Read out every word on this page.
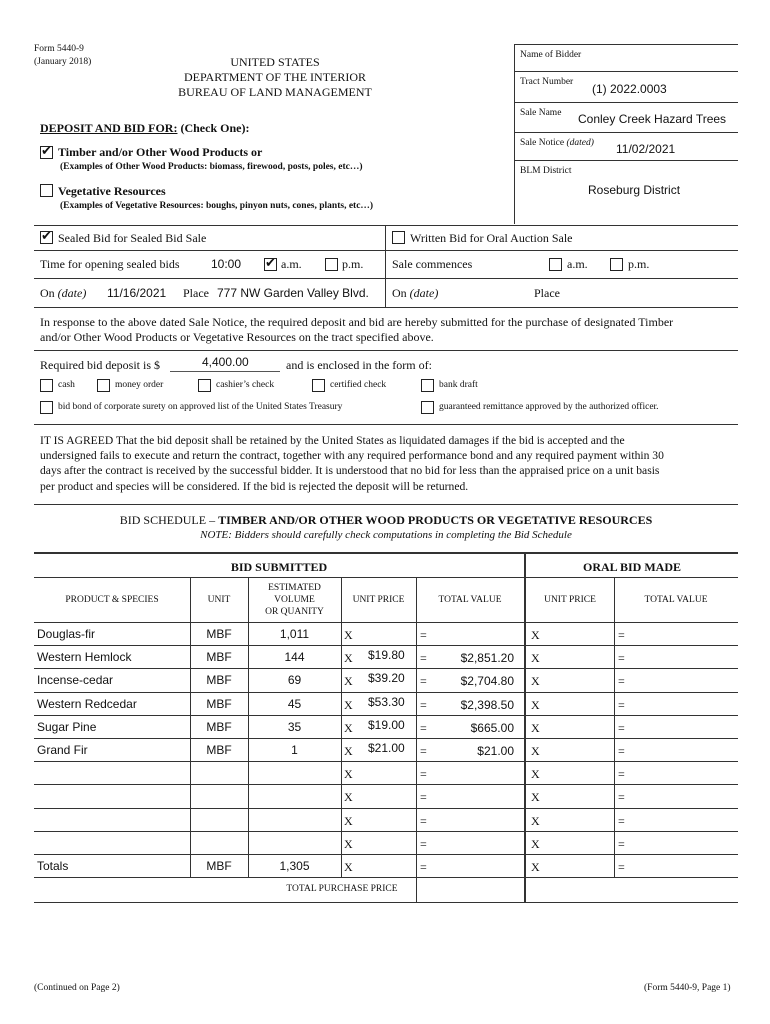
Form 5440-9
(January 2018)	UNITED STATES
DEPARTMENT OF THE INTERIOR
BUREAU OF LAND MANAGEMENT
Name of Bidder
Tract Number (1) 2022.0003
Sale Name Conley Creek Hazard Trees
Sale Notice (dated) 11/02/2021
BLM District
Roseburg District
DEPOSIT AND BID FOR: (Check One):
✔
Timber and/or Other Wood Products or
(Examples of Other Wood Products: biomass, firewood, posts, poles, etc…)
Vegetative Resources
(Examples of Vegetative Resources: boughs, pinyon nuts, cones, plants, etc…)
✔
Sealed Bid for Sealed Bid Sale	Written Bid for Oral Auction Sale
Time for opening sealed bids	10:00
✔	a.m.	p.m. Sale commences	a.m.	p.m.
On (date) 11/16/2021 Place 777 NW Garden Valley Blvd. On (date)	Place
In response to the above dated Sale Notice, the required deposit and bid are hereby submitted for the purchase of designated Timber
and/or Other Wood Products or Vegetative Resources on the tract specified above.
Required bid deposit is $	4,400.00	and is enclosed in the form of:
cash	money order	cashier’s check	certified check	bank draft
bid bond of corporate surety on approved list of the United States Treasury	guaranteed remittance approved by the authorized officer.
IT IS AGREED That the bid deposit shall be retained by the United States as liquidated damages if the bid is accepted and the
undersigned fails to execute and return the contract, together with any required performance bond and any required payment within 30
days after the contract is received by the successful bidder. It is understood that no bid for less than the appraised price on a unit basis
per product and species will be considered. If the bid is rejected the deposit will be returned.
BID SCHEDULE – TIMBER AND/OR OTHER WOOD PRODUCTS OR VEGETATIVE RESOURCES
NOTE: Bidders should carefully check computations in completing the Bid Schedule
BID SUBMITTED	ORAL BID MADE
PRODUCT & SPECIES	UNIT
ESTIMATED
VOLUME
OR QUANITY
UNIT PRICE	TOTAL VALUE	UNIT PRICE	TOTAL VALUE
Douglas-fir	MBF	1,011	X	=	X	=
Western Hemlock	MBF	144	X $19.80 =	$2,851.20 X	=
Incense-cedar	MBF	69	X $39.20 =	$2,704.80 X	=
Western Redcedar	MBF	45	X $53.30 =	$2,398.50 X	=
Sugar Pine	MBF	35	X $19.00 =	$665.00 X	=
Grand Fir	MBF	1	X $21.00 =	$21.00 X	=
X	=	X	=
X	=	X	=
X	=	X	=
X	=	X	=
Totals	MBF	1,305	X	=	X	=
TOTAL PURCHASE PRICE
(Continued on Page 2)	(Form 5440-9, Page 1)
